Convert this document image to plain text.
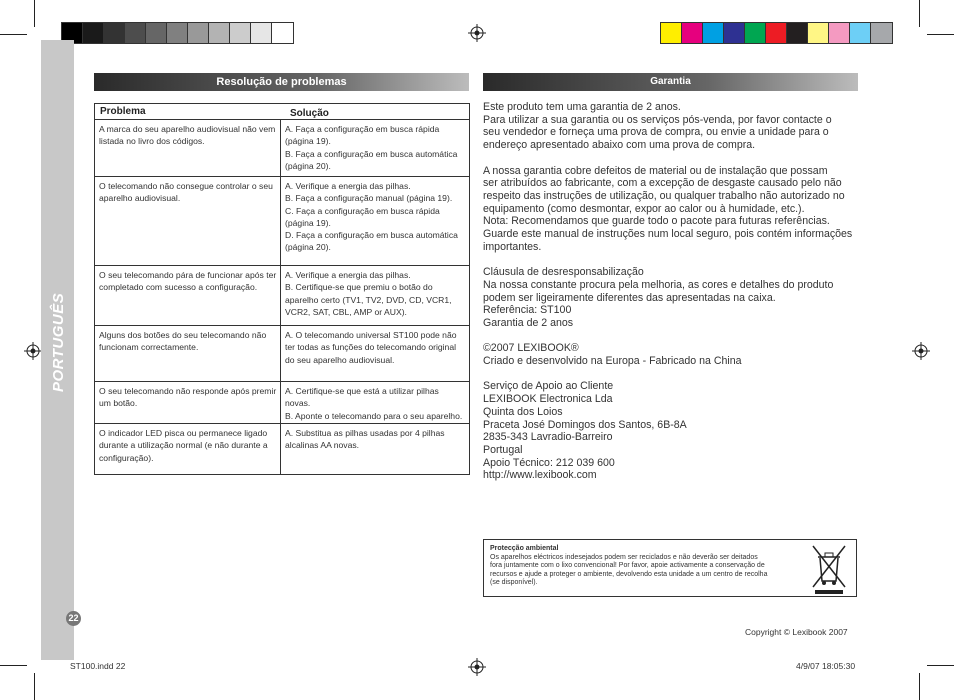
PORTUGUÊS
22
Resolução de problemas	Garantia
Problema	Solução
A marca do seu aparelho audiovisual não vem listada no livro dos códigos.
A. Faça a configuração em busca rápida (página 19).
B. Faça a configuração em busca automática (página 20).
O telecomando não consegue controlar o seu aparelho audiovisual.
A. Verifique a energia das pilhas.
B. Faça a configuração manual (página 19).
C. Faça a configuração em busca rápida (página 19).
D. Faça a configuração em busca automática (página 20).
O seu telecomando pára de funcionar após ter completado com sucesso a configuração.
A. Verifique a energia das pilhas.
B. Certifique-se que premiu o botão do aparelho certo (TV1, TV2, DVD, CD, VCR1, VCR2, SAT, CBL, AMP or AUX).
Alguns dos botões do seu telecomando não funcionam correctamente.
A. O telecomando universal ST100 pode não ter todas as funções do telecomando original do seu aparelho audiovisual.
O seu telecomando não responde após premir um botão.
A. Certifique-se que está a utilizar pilhas novas.
B. Aponte o telecomando para o seu aparelho.
O indicador LED pisca ou permanece ligado durante a utilização normal (e não durante a configuração).
A. Substitua as pilhas usadas por 4 pilhas alcalinas AA novas.

Este produto tem uma garantia de 2 anos.

Para utilizar a sua garantia ou os serviços pós-venda, por favor contacte o

seu vendedor e forneça uma prova de compra, ou envie a unidade para o

endereço apresentado abaixo com uma prova de compra.

A nossa garantia cobre defeitos de material ou de instalação que possam

ser atribuídos ao fabricante, com a excepção de desgaste causado pelo não

respeito das instruções de utilização, ou qualquer trabalho não autorizado no

equipamento (como desmontar, expor ao calor ou à humidade, etc.).

Nota: Recomendamos que guarde todo o pacote para futuras referências.

Guarde este manual de instruções num local seguro, pois contém informações

importantes.

Cláusula de desresponsabilização

Na nossa constante procura pela melhoria, as cores e detalhes do produto

podem ser ligeiramente diferentes das apresentadas na caixa.

Referência: ST100

Garantia de 2 anos

©2007 LEXIBOOK®

Criado e desenvolvido na Europa - Fabricado na China

Serviço de Apoio ao Cliente

LEXIBOOK Electronica Lda

Quinta dos Loios

Praceta José Domingos dos Santos, 6B-8A

2835-343 Lavradio-Barreiro

Portugal

Apoio Técnico: 212 039 600

http://www.lexibook.com

Protecção ambiental
Os aparelhos eléctricos indesejados podem ser reciclados e não deverão ser deitados
fora juntamente com o lixo convencional! Por favor, apoie activamente a conservação de
recursos e ajude a proteger o ambiente, devolvendo esta unidade a um centro de recolha
(se disponível).
Copyright © Lexibook 2007
ST100.indd 22	4/9/07 18:05:30
